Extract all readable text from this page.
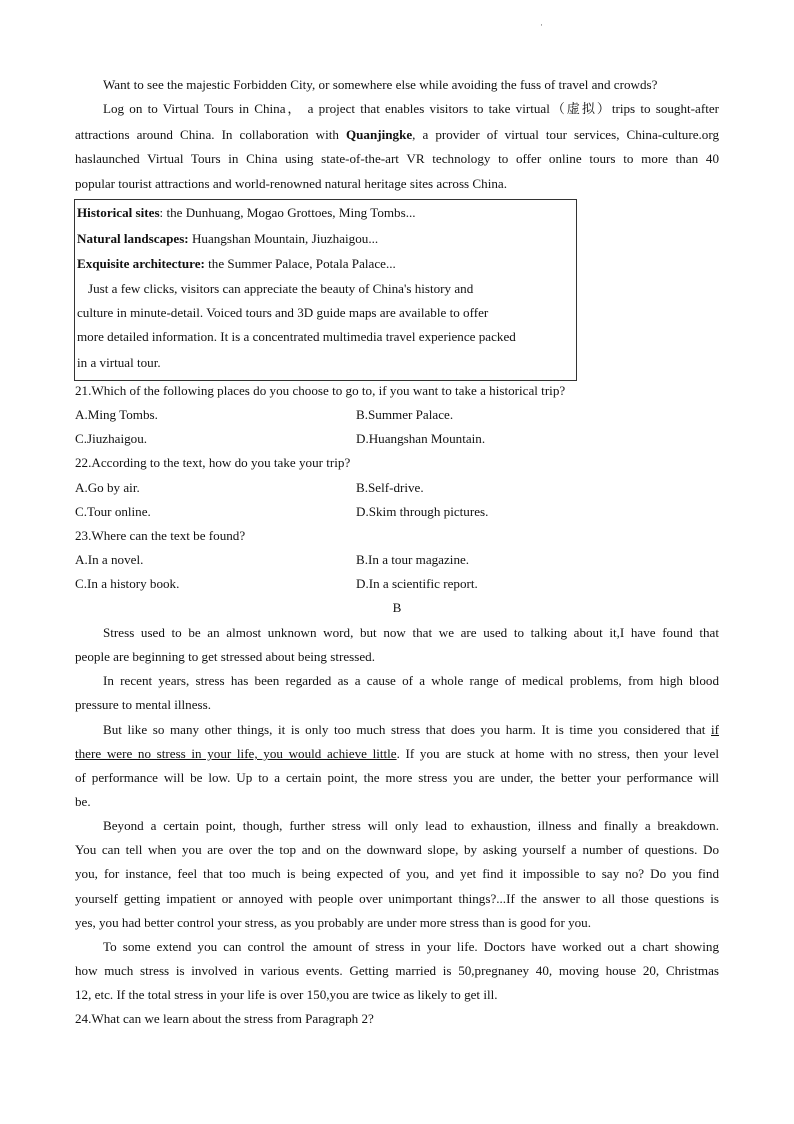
·
Want to see the majestic Forbidden City, or somewhere else while avoiding the fuss of travel and crowds?
Log on to Virtual Tours in China， a project that enables visitors to take virtual（虚拟）trips to sought-after
attractions around China. In collaboration with Quanjingke, a provider of virtual tour services, China-culture.org
haslaunched Virtual Tours in China using state-of-the-art VR technology to offer online tours to more than 40
popular tourist attractions and world-renowned natural heritage sites across China.
Historical sites: the Dunhuang, Mogao Grottoes, Ming Tombs...
Natural landscapes: Huangshan Mountain, Jiuzhaigou...
Exquisite architecture: the Summer Palace, Potala Palace...
Just a few clicks, visitors can appreciate the beauty of China's history and
culture in minute-detail. Voiced tours and 3D guide maps are available to offer
more detailed information. It is a concentrated multimedia travel experience packed
in a virtual tour.
21.Which of the following places do you choose to go to, if you want to take a historical trip?
A.Ming Tombs.	B.Summer Palace.
C.Jiuzhaigou.	D.Huangshan Mountain.
22.According to the text, how do you take your trip?
A.Go by air.	B.Self-drive.
C.Tour online.	D.Skim through pictures.
23.Where can the text be found?
A.In a novel.	B.In a tour magazine.
C.In a history book.	D.In a scientific report.
B
Stress used to be an almost unknown word, but now that we are used to talking about it,I have found that
people are beginning to get stressed about being stressed.
In recent years, stress has been regarded as a cause of a whole range of medical problems, from high blood
pressure to mental illness.
But like so many other things, it is only too much stress that does you harm. It is time you considered that if
there were no stress in your life, you would achieve little. If you are stuck at home with no stress, then your level
of performance will be low. Up to a certain point, the more stress you are under, the better your performance will
be.
Beyond a certain point, though, further stress will only lead to exhaustion, illness and finally a breakdown.
You can tell when you are over the top and on the downward slope, by asking yourself a number of questions. Do
you, for instance, feel that too much is being expected of you, and yet find it impossible to say no? Do you find
yourself getting impatient or annoyed with people over unimportant things?...If the answer to all those questions is
yes, you had better control your stress, as you probably are under more stress than is good for you.
To some extend you can control the amount of stress in your life. Doctors have worked out a chart showing
how much stress is involved in various events. Getting married is 50,pregnaney 40, moving house 20, Christmas
12, etc. If the total stress in your life is over 150,you are twice as likely to get ill.
24.What can we learn about the stress from Paragraph 2?
